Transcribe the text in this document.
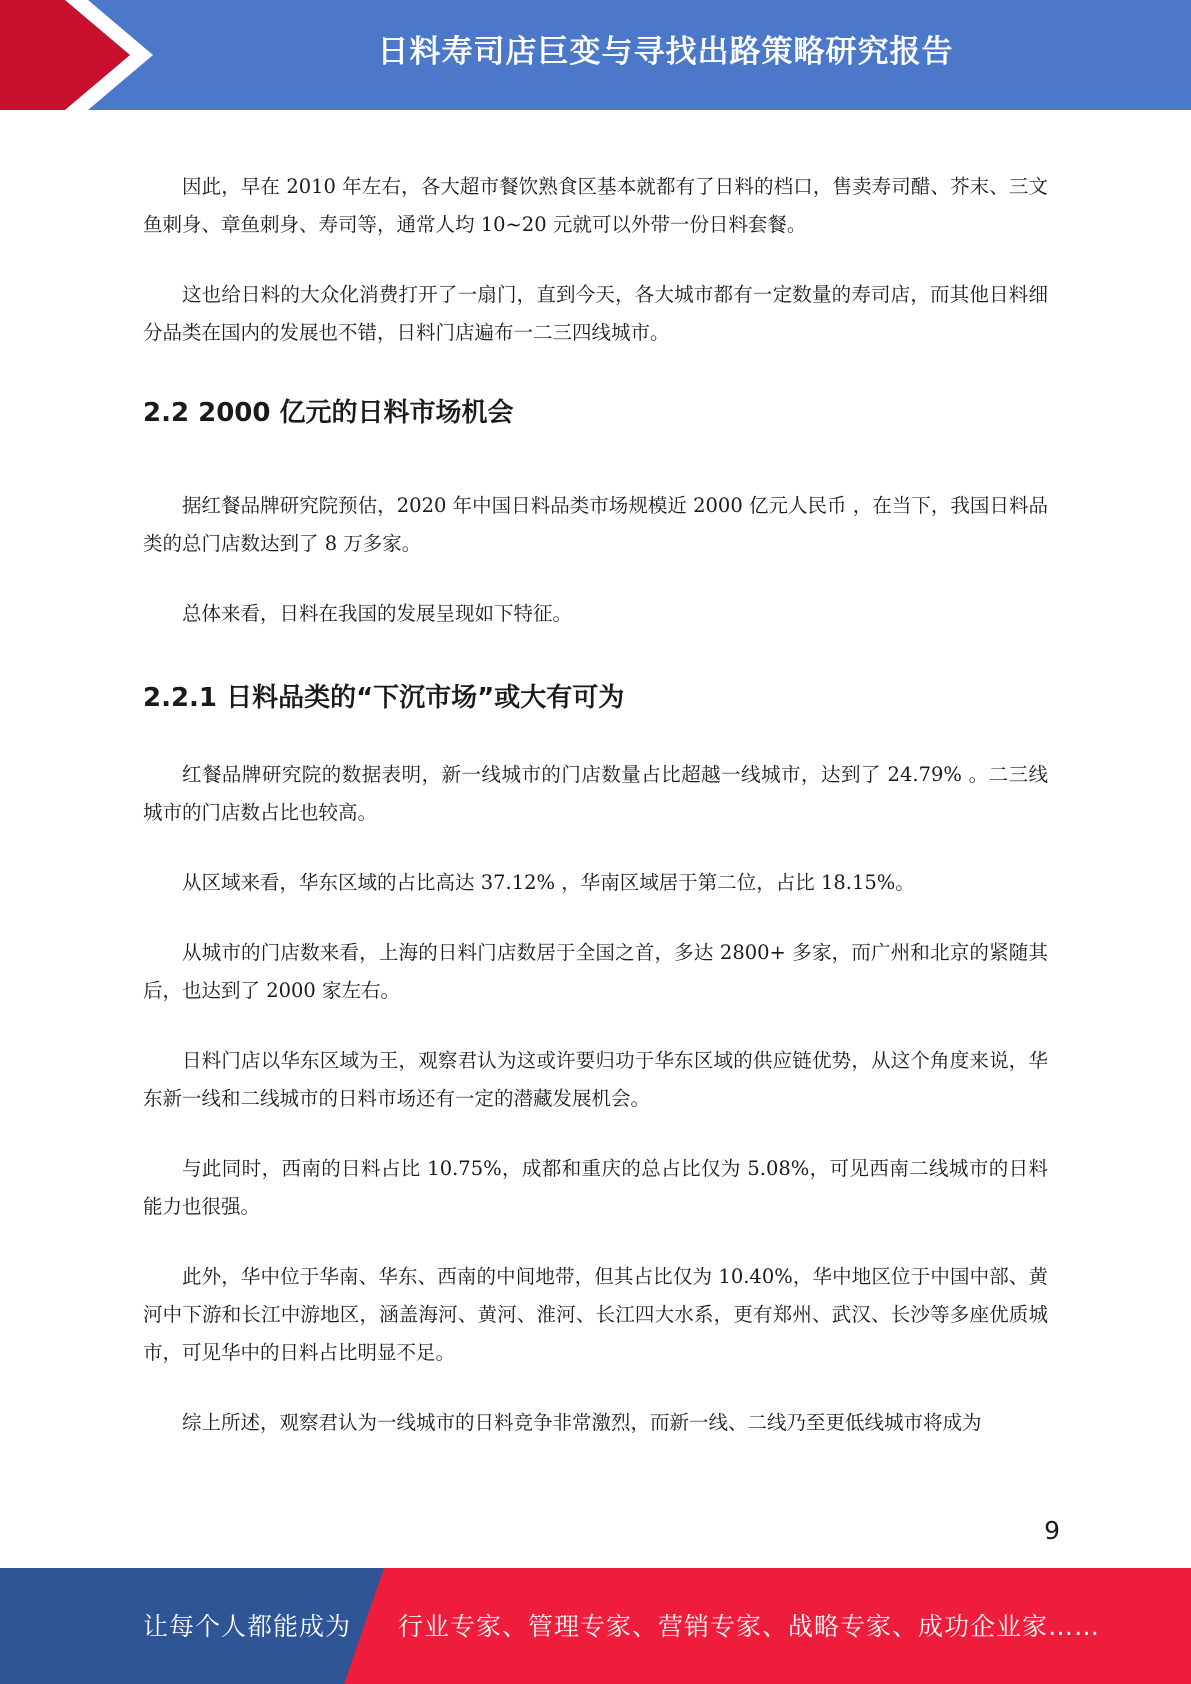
日料寿司店巨变与寻找出路策略研究报告

因此，早在 2010 年左右，各大超市餐饮熟食区基本就都有了日料的档口，售卖寿司醋、芥末、三文鱼刺身、章鱼刺身、寿司等，通常人均 10~20 元就可以外带一份日料套餐。

这也给日料的大众化消费打开了一扇门，直到今天，各大城市都有一定数量的寿司店，而其他日料细分品类在国内的发展也不错，日料门店遍布一二三四线城市。

2.2 2000 亿元的日料市场机会

据红餐品牌研究院预估，2020 年中国日料品类市场规模近 2000 亿元人民币 ，在当下，我国日料品类的总门店数达到了 8 万多家。

总体来看，日料在我国的发展呈现如下特征。

2.2.1 日料品类的“下沉市场”或大有可为

红餐品牌研究院的数据表明，新一线城市的门店数量占比超越一线城市，达到了 24.79% 。二三线城市的门店数占比也较高。

从区域来看，华东区域的占比高达 37.12% ，华南区域居于第二位，占比 18.15%。

从城市的门店数来看，上海的日料门店数居于全国之首，多达 2800+ 多家，而广州和北京的紧随其后，也达到了 2000 家左右。

日料门店以华东区域为王，观察君认为这或许要归功于华东区域的供应链优势，从这个角度来说，华东新一线和二线城市的日料市场还有一定的潜藏发展机会。

与此同时，西南的日料占比 10.75%，成都和重庆的总占比仅为 5.08%，可见西南二线城市的日料能力也很强。

此外，华中位于华南、华东、西南的中间地带，但其占比仅为 10.40%，华中地区位于中国中部、黄河中下游和长江中游地区，涵盖海河、黄河、淮河、长江四大水系，更有郑州、武汉、长沙等多座优质城市，可见华中的日料占比明显不足。

综上所述，观察君认为一线城市的日料竞争非常激烈，而新一线、二线乃至更低线城市将成为

9
让每个人都能成为 行业专家、管理专家、营销专家、战略专家、成功企业家……
